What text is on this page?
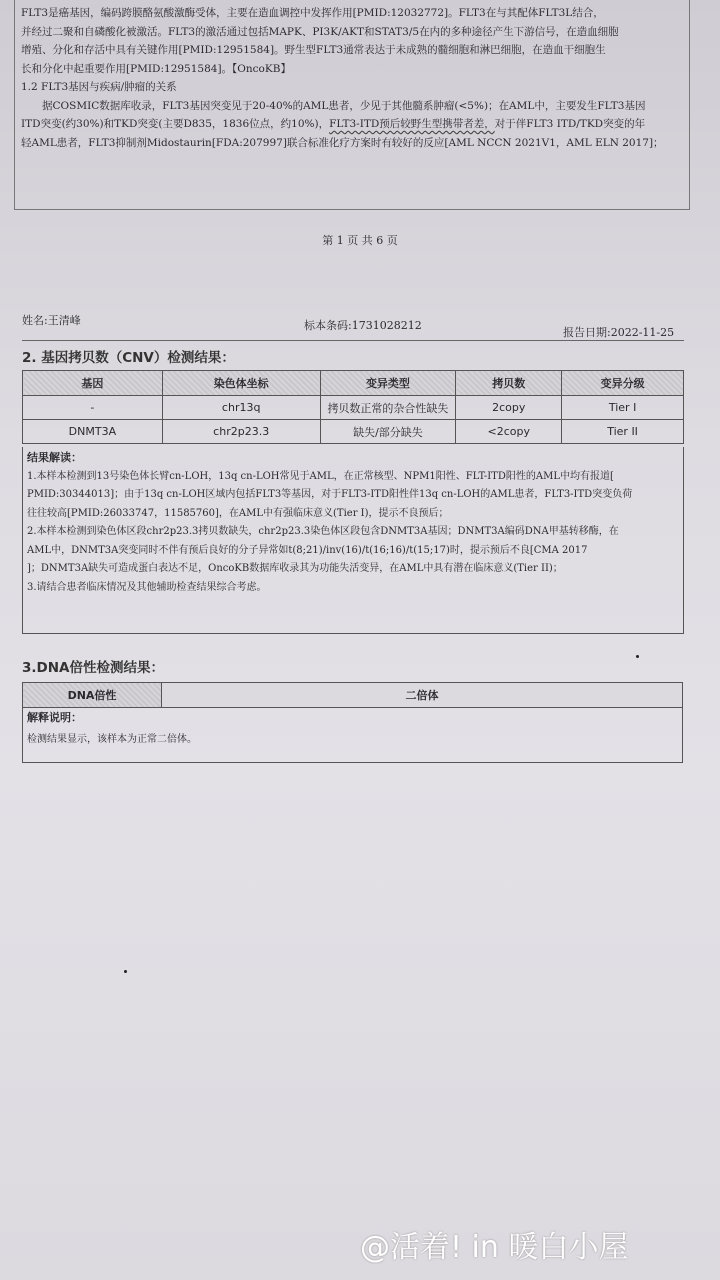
FLT3是癌基因，编码跨膜酪氨酸激酶受体，主要在造血调控中发挥作用[PMID:12032772]。FLT3在与其配体FLT3L结合，

并经过二聚和自磷酸化被激活。FLT3的激活通过包括MAPK、PI3K/AKT和STAT3/5在内的多种途径产生下游信号，在造血细胞

增殖、分化和存活中具有关键作用[PMID:12951584]。野生型FLT3通常表达于未成熟的髓细胞和淋巴细胞，在造血干细胞生

长和分化中起重要作用[PMID:12951584]。【OncoKB】

1.2 FLT3基因与疾病/肿瘤的关系

据COSMIC数据库收录，FLT3基因突变见于20-40%的AML患者，少见于其他髓系肿瘤(<5%)；在AML中，主要发生FLT3基因

ITD突变(约30%)和TKD突变(主要D835，1836位点，约10%)，FLT3-ITD预后较野生型携带者差，对于伴FLT3 ITD/TKD突变的年

轻AML患者，FLT3抑制剂Midostaurin[FDA:207997]联合标准化疗方案时有较好的反应[AML NCCN 2021V1，AML ELN 2017]；

第 1 页 共 6 页
姓名:王清峰	标本条码:1731028212
报告日期:2022-11-25
2. 基因拷贝数（CNV）检测结果：
基因	染色体坐标	变异类型	拷贝数	变异分级
-	chr13q	拷贝数正常的杂合性缺失	2copy	Tier I
DNMT3A	chr2p23.3	缺失/部分缺失	<2copy	Tier II
结果解读：

1.本样本检测到13号染色体长臂cn-LOH，13q cn-LOH常见于AML，在正常核型、NPM1阳性、FLT-ITD阳性的AML中均有报道[

PMID:30344013]；由于13q cn-LOH区域内包括FLT3等基因，对于FLT3-ITD阳性伴13q cn-LOH的AML患者，FLT3-ITD突变负荷

往往较高[PMID:26033747，11585760]，在AML中有强临床意义(Tier I)，提示不良预后；

2.本样本检测到染色体区段chr2p23.3拷贝数缺失，chr2p23.3染色体区段包含DNMT3A基因；DNMT3A编码DNA甲基转移酶，在

AML中，DNMT3A突变同时不伴有预后良好的分子异常如t(8;21)/inv(16)/t(16;16)/t(15;17)时，提示预后不良[CMA 2017

]；DNMT3A缺失可造成蛋白表达不足，OncoKB数据库收录其为功能失活变异，在AML中具有潜在临床意义(Tier II)；

3.请结合患者临床情况及其他辅助检查结果综合考虑。

3.DNA倍性检测结果：
DNA倍性	二倍体
解释说明：

检测结果显示，该样本为正常二倍体。

@活着! in 暖白小屋
